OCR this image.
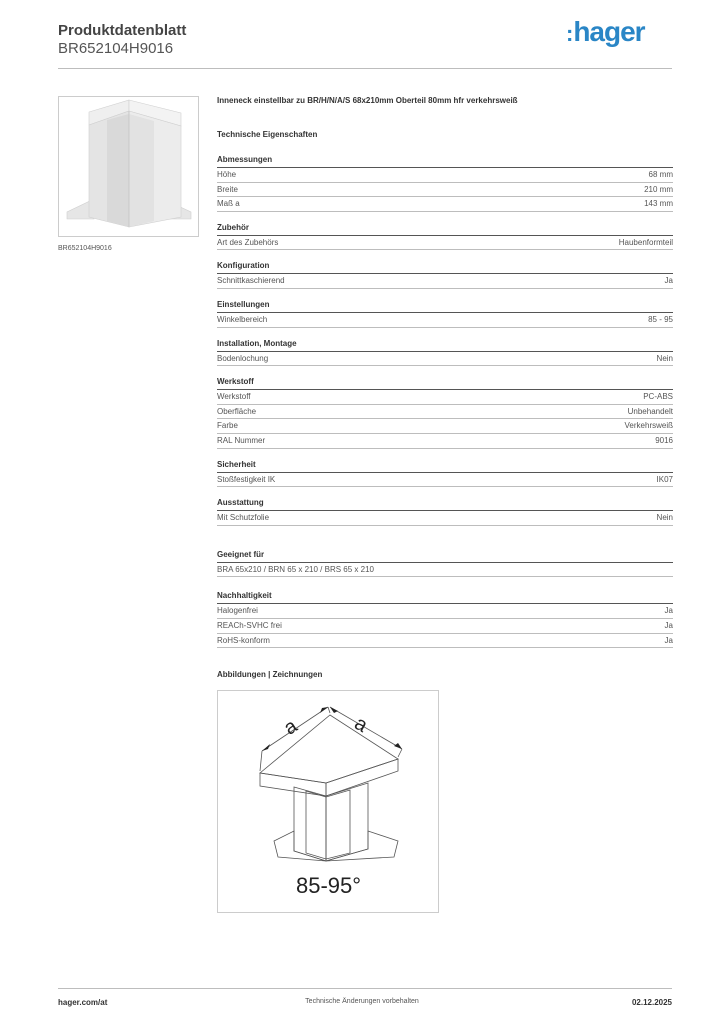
Produktdatenblatt
BR652104H9016
:hager
BR652104H9016
Inneneck einstellbar zu BR/H/N/A/S 68x210mm Oberteil 80mm hfr verkehrsweiß
Technische Eigenschaften
Abmessungen
Höhe	68 mm
Breite	210 mm
Maß a	143 mm
Zubehör
Art des Zubehörs	Haubenformteil
Konfiguration
Schnittkaschierend	Ja
Einstellungen
Winkelbereich	85 - 95
Installation, Montage
Bodenlochung	Nein
Werkstoff
Werkstoff	PC-ABS
Oberfläche	Unbehandelt
Farbe	Verkehrsweiß
RAL Nummer	9016
Sicherheit
Stoßfestigkeit IK	IK07
Ausstattung
Mit Schutzfolie	Nein
Geeignet für
BRA 65x210 / BRN 65 x 210 / BRS 65 x 210
Nachhaltigkeit
Halogenfrei	Ja
REACh-SVHC frei	Ja
RoHS-konform	Ja
Abbildungen | Zeichnungen
a a
85-95°
hager.com/at	Technische Änderungen vorbehalten	02.12.2025
